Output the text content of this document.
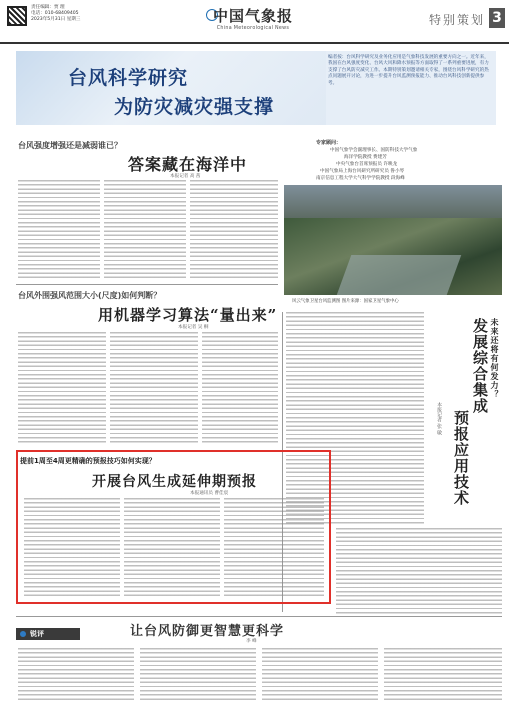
责任编辑：贾 理
电话：010-68409405
2023年5月31日 星期三	中国气象报
China Meteorological News
特别策划 3
台风科学研究
为防灾减灾强支撑
编者按：台风科学研究及业务化应用是气象科技发展的重要方向之一。近年来，我国在台风强度变化、台风大风和降水预报等方面取得了一系列重要进展，有力支撑了台风防灾减灾工作。本期特别策划邀请相关专家，围绕台风科学研究的热点问题展开讨论，为进一步提升台风监测预报能力、推动台风科技创新提供参考。
台风强度增强还是减弱谁已？
答案藏在海洋中
本报记者 高 茜
专家顾问：
中国气象学会副理事长、国防科技大学气象
海洋学院教授 费建芳
中央气象台首席预报员 许映龙
中国气象局上海台风研究所研究员 鲁小琴
南京信息工程大学大气科学学院教授 段海峰
风云气象卫星台风监测图 图片来源：国家卫星气象中心
台风外围强风范围大小(尺度)如何判断？
用机器学习算法“量出来”
本报记者 吴 桐	未来还将有何发力？
发展综合集成
预报应用技术
本报记者 张 敏
提前1周至4周更精确的预报技巧如何实现？
开展台风生成延伸期预报
本报通讯员 曹佳宸
锐评	让台风防御更智慧更科学
李 峰
